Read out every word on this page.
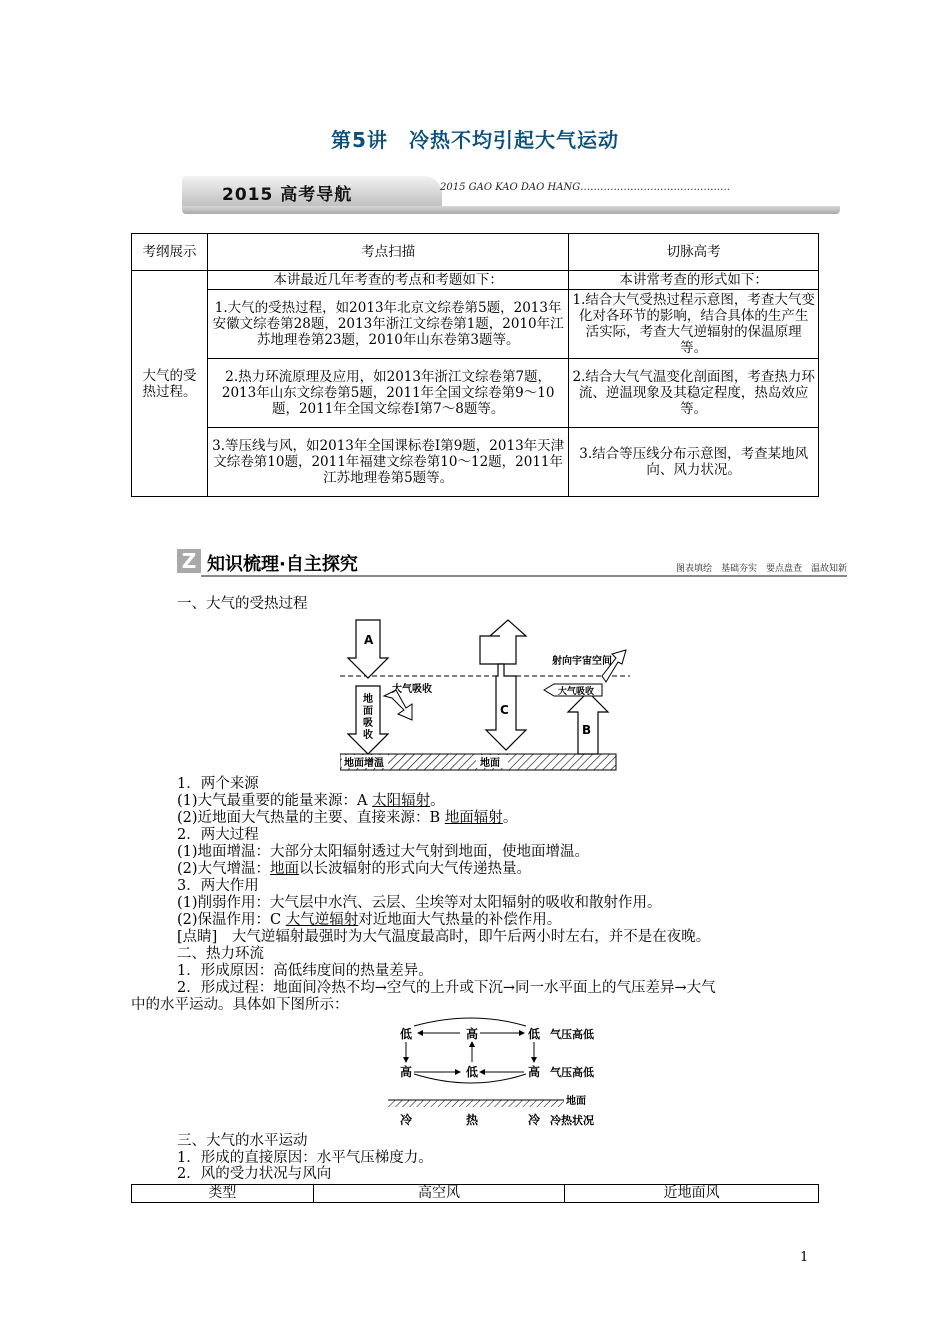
第5讲　冷热不均引起大气运动
2015 高考导航	2015 GAO KAO DAO HANG………………………………………
考纲展示	考点扫描	切脉高考
大气的受热过程。	本讲最近几年考查的考点和考题如下：	本讲常考查的形式如下：
	1.大气的受热过程，如2013年北京文综卷第5题，2013年安徽文综卷第28题，2013年浙江文综卷第1题，2010年江苏地理卷第23题，2010年山东卷第3题等。	1.结合大气受热过程示意图，考查大气变化对各环节的影响，结合具体的生产生活实际，考查大气逆辐射的保温原理等。
	2.热力环流原理及应用，如2013年浙江文综卷第7题，2013年山东文综卷第5题，2011年全国文综卷第9～10题，2011年全国文综卷Ⅰ第7～8题等。	2.结合大气气温变化剖面图，考查热力环流、逆温现象及其稳定程度，热岛效应等。
	3.等压线与风，如2013年全国课标卷Ⅰ第9题，2013年天津文综卷第10题，2011年福建文综卷第10～12题，2011年江苏地理卷第5题等。	3.结合等压线分布示意图，考查某地风向、风力状况。
Z 知识梳理·自主探究	图表填绘　基础夯实　要点盘查　温故知新
一、大气的受热过程
地面增温	地面
A
地
面
吸
收
大气吸收
C
B
射向宇宙空间
大气吸收
1．两个来源
(1)大气最重要的能量来源：A 太阳辐射。
(2)近地面大气热量的主要、直接来源：B 地面辐射。
2．两大过程
(1)地面增温：大部分太阳辐射透过大气射到地面，使地面增温。
(2)大气增温：地面以长波辐射的形式向大气传递热量。
3．两大作用
(1)削弱作用：大气层中水汽、云层、尘埃等对太阳辐射的吸收和散射作用。
(2)保温作用：C 大气逆辐射对近地面大气热量的补偿作用。
[点睛]　大气逆辐射最强时为大气温度最高时，即午后两小时左右，并不是在夜晚。
二、热力环流
1．形成原因：高低纬度间的热量差异。
2．形成过程：地面间冷热不均→空气的上升或下沉→同一水平面上的气压差异→大气
中的水平运动。具体如下图所示：
低	高	低 气压高低
高	低	高 气压高低
地面
冷	热	冷 冷热状况
三、大气的水平运动
1．形成的直接原因：水平气压梯度力。
2．风的受力状况与风向
类型	高空风	近地面风
1
